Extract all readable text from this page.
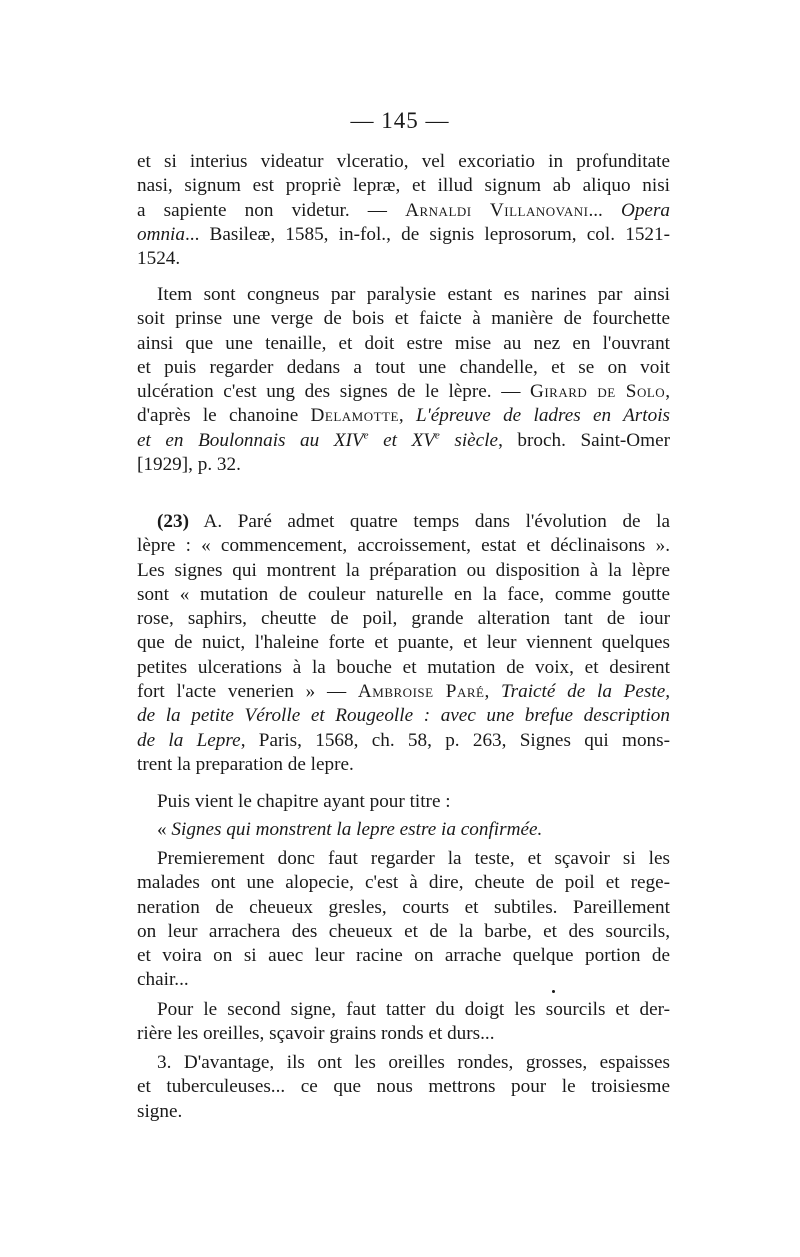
— 145 —
et si interius videatur vlceratio, vel excoriatio in profunditate
nasi, signum est propriè lepræ, et illud signum ab aliquo nisi
a sapiente non videtur. — Arnaldi Villanovani... Opera
omnia... Basileæ, 1585, in-fol., de signis leprosorum, col. 1521-
1524.
Item sont congneus par paralysie estant es narines par ainsi
soit prinse une verge de bois et faicte à manière de fourchette
ainsi que une tenaille, et doit estre mise au nez en l'ouvrant
et puis regarder dedans a tout une chandelle, et se on voit
ulcération c'est ung des signes de le lèpre. — Girard de Solo,
d'après le chanoine Delamotte, L'épreuve de ladres en Artois
et en Boulonnais au XIVe et XVe siècle, broch. Saint-Omer
[1929], p. 32.
(23) A. Paré admet quatre temps dans l'évolution de la
lèpre : « commencement, accroissement, estat et déclinaisons ».
Les signes qui montrent la préparation ou disposition à la lèpre
sont « mutation de couleur naturelle en la face, comme goutte
rose, saphirs, cheutte de poil, grande alteration tant de iour
que de nuict, l'haleine forte et puante, et leur viennent quelques
petites ulcerations à la bouche et mutation de voix, et desirent
fort l'acte venerien » — Ambroise Paré, Traicté de la Peste,
de la petite Vérolle et Rougeolle : avec une brefue description
de la Lepre, Paris, 1568, ch. 58, p. 263, Signes qui mons-
trent la preparation de lepre.
Puis vient le chapitre ayant pour titre :
« Signes qui monstrent la lepre estre ia confirmée.
Premierement donc faut regarder la teste, et sçavoir si les
malades ont une alopecie, c'est à dire, cheute de poil et rege-
neration de cheueux gresles, courts et subtiles. Pareillement
on leur arrachera des cheueux et de la barbe, et des sourcils,
et voira on si auec leur racine on arrache quelque portion de
chair...
Pour le second signe, faut tatter du doigt les sourcils et der-
rière les oreilles, sçavoir grains ronds et durs...
3. D'avantage, ils ont les oreilles rondes, grosses, espaisses
et tuberculeuses... ce que nous mettrons pour le troisiesme
signe.
